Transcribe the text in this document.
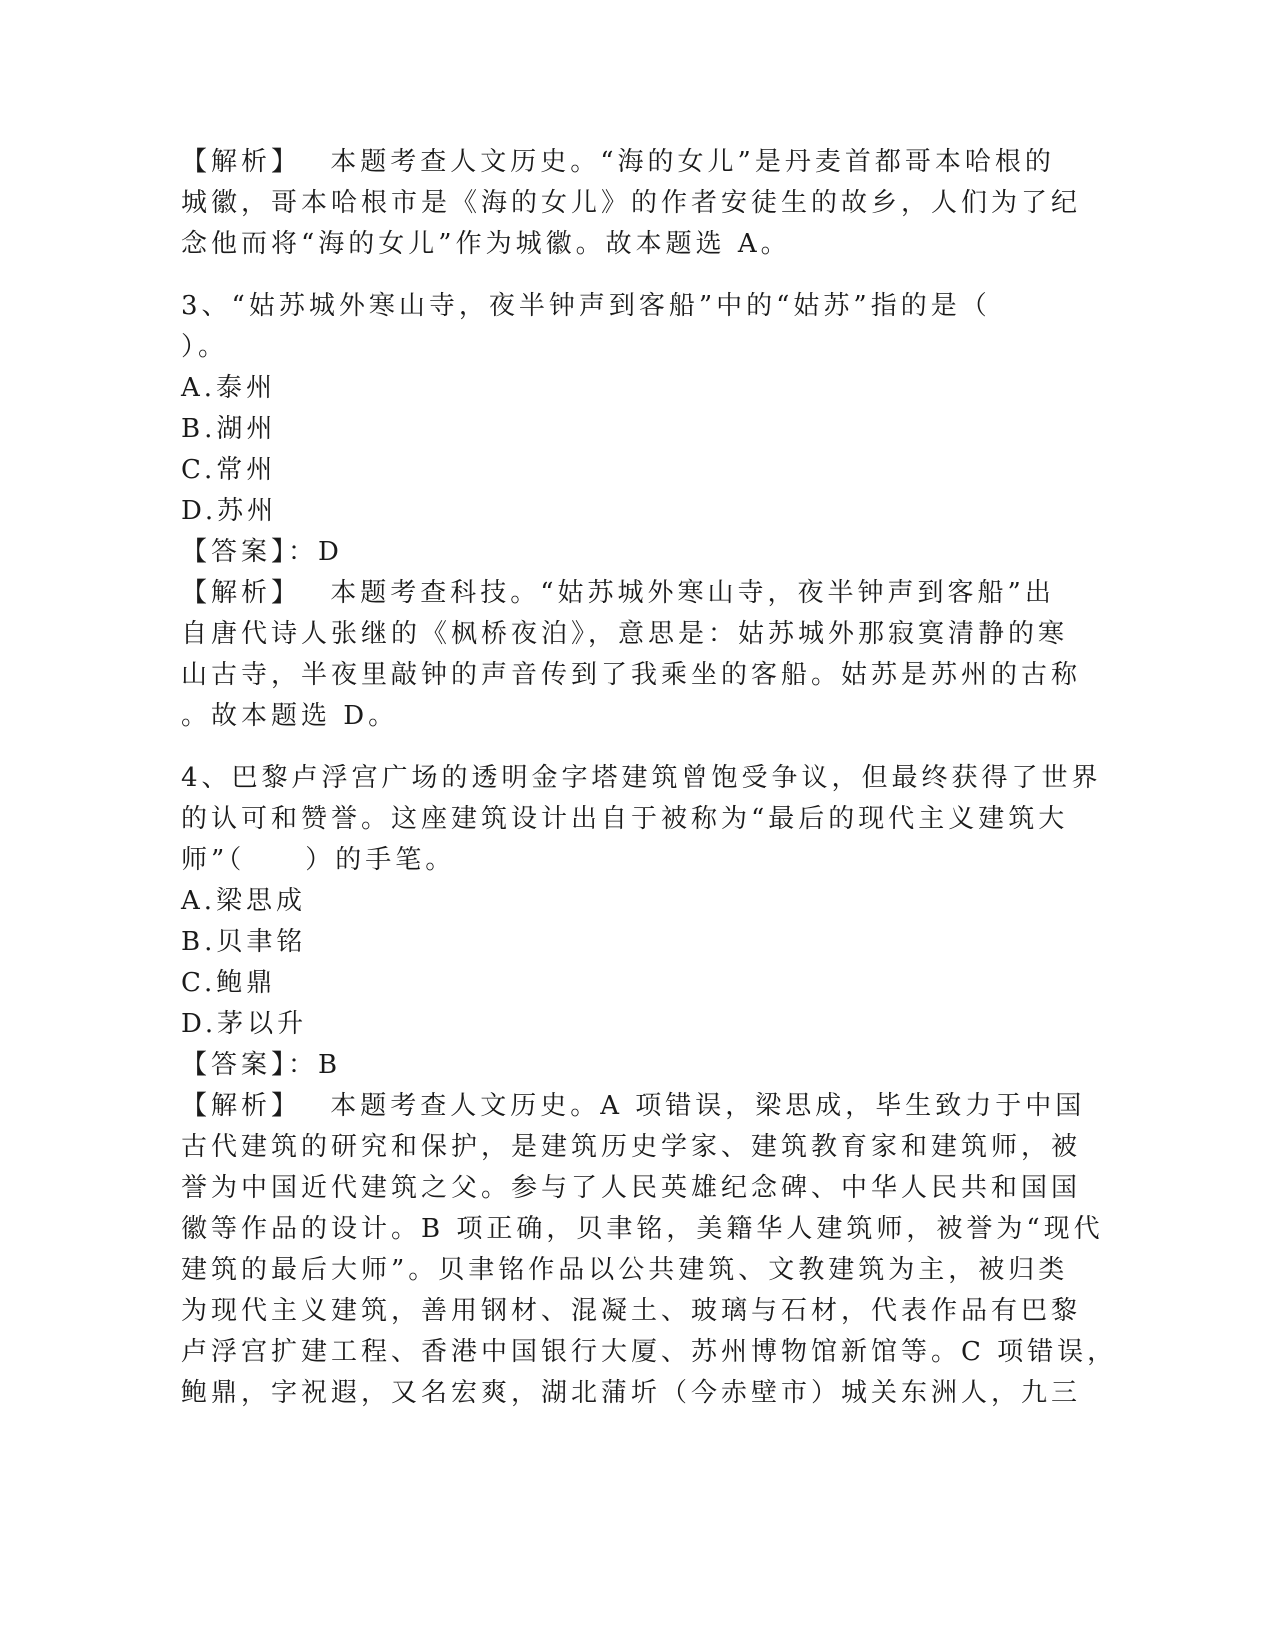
【解析】　 本题考查人文历史。“海的女儿”是丹麦首都哥本哈根的
城徽，哥本哈根市是《海的女儿》的作者安徒生的故乡，人们为了纪
念他而将“海的女儿”作为城徽。故本题选 A。
3、“姑苏城外寒山寺，夜半钟声到客船”中的“姑苏”指的是（
）。
A.泰州
B.湖州
C.常州
D.苏州
【答案】：D
【解析】　 本题考查科技。“姑苏城外寒山寺，夜半钟声到客船”出
自唐代诗人张继的《枫桥夜泊》，意思是：姑苏城外那寂寞清静的寒
山古寺，半夜里敲钟的声音传到了我乘坐的客船。姑苏是苏州的古称
。故本题选 D。
4、巴黎卢浮宫广场的透明金字塔建筑曾饱受争议，但最终获得了世界
的认可和赞誉。这座建筑设计出自于被称为“最后的现代主义建筑大
师”（　　）的手笔。
A.梁思成
B.贝聿铭
C.鲍鼎
D.茅以升
【答案】：B
【解析】　 本题考查人文历史。A 项错误，梁思成，毕生致力于中国
古代建筑的研究和保护，是建筑历史学家、建筑教育家和建筑师，被
誉为中国近代建筑之父。参与了人民英雄纪念碑、中华人民共和国国
徽等作品的设计。B 项正确，贝聿铭，美籍华人建筑师，被誉为“现代
建筑的最后大师”。贝聿铭作品以公共建筑、文教建筑为主，被归类
为现代主义建筑，善用钢材、混凝土、玻璃与石材，代表作品有巴黎
卢浮宫扩建工程、香港中国银行大厦、苏州博物馆新馆等。C 项错误，
鲍鼎，字祝遐，又名宏爽，湖北蒲圻（今赤壁市）城关东洲人，九三
